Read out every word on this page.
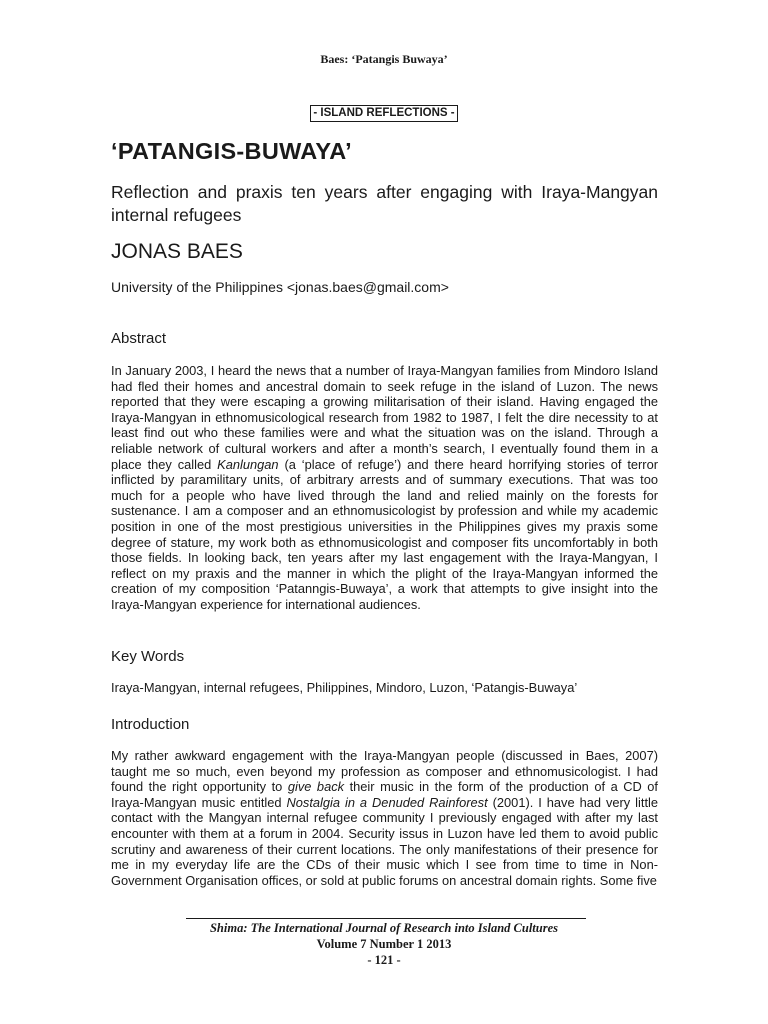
Baes: ‘Patangis Buwaya’
- ISLAND REFLECTIONS -
‘PATANGIS-BUWAYA’
Reflection and praxis ten years after engaging with Iraya-Mangyan internal refugees
JONAS BAES
University of the Philippines <jonas.baes@gmail.com>
Abstract
In January 2003, I heard the news that a number of Iraya-Mangyan families from Mindoro Island had fled their homes and ancestral domain to seek refuge in the island of Luzon. The news reported that they were escaping a growing militarisation of their island. Having engaged the Iraya-Mangyan in ethnomusicological research from 1982 to 1987, I felt the dire necessity to at least find out who these families were and what the situation was on the island. Through a reliable network of cultural workers and after a month’s search, I eventually found them in a place they called Kanlungan (a ‘place of refuge’) and there heard horrifying stories of terror inflicted by paramilitary units, of arbitrary arrests and of summary executions. That was too much for a people who have lived through the land and relied mainly on the forests for sustenance. I am a composer and an ethnomusicologist by profession and while my academic position in one of the most prestigious universities in the Philippines gives my praxis some degree of stature, my work both as ethnomusicologist and composer fits uncomfortably in both those fields. In looking back, ten years after my last engagement with the Iraya-Mangyan, I reflect on my praxis and the manner in which the plight of the Iraya-Mangyan informed the creation of my composition ‘Patanngis-Buwaya’, a work that attempts to give insight into the Iraya-Mangyan experience for international audiences.
Key Words
Iraya-Mangyan, internal refugees, Philippines, Mindoro, Luzon, ‘Patangis-Buwaya’
Introduction
My rather awkward engagement with the Iraya-Mangyan people (discussed in Baes, 2007) taught me so much, even beyond my profession as composer and ethnomusicologist. I had found the right opportunity to give back their music in the form of the production of a CD of Iraya-Mangyan music entitled Nostalgia in a Denuded Rainforest (2001). I have had very little contact with the Mangyan internal refugee community I previously engaged with after my last encounter with them at a forum in 2004. Security issus in Luzon have led them to avoid public scrutiny and awareness of their current locations. The only manifestations of their presence for me in my everyday life are the CDs of their music which I see from time to time in Non-Government Organisation offices, or sold at public forums on ancestral domain rights. Some five
Shima: The International Journal of Research into Island Cultures
Volume 7 Number 1 2013
- 121 -
